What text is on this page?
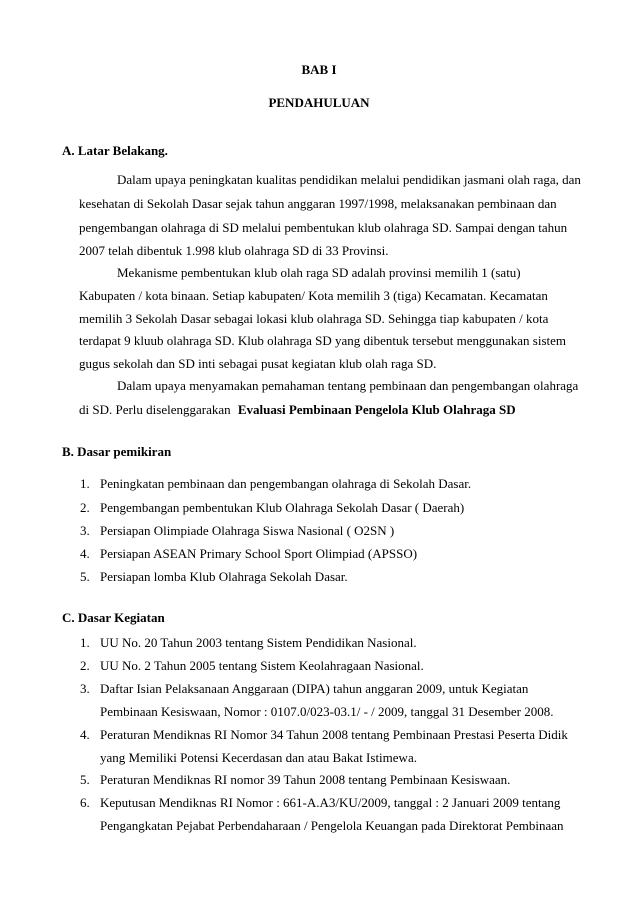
BAB I
PENDAHULUAN
A. Latar Belakang.
Dalam upaya peningkatan kualitas pendidikan melalui pendidikan jasmani olah raga, dan
kesehatan di Sekolah Dasar sejak tahun anggaran 1997/1998, melaksanakan pembinaan dan
pengembangan olahraga di SD melalui pembentukan klub olahraga SD. Sampai dengan tahun
2007 telah dibentuk 1.998 klub olahraga SD di 33 Provinsi.
Mekanisme pembentukan klub olah raga SD adalah provinsi memilih 1 (satu)
Kabupaten / kota binaan. Setiap kabupaten/ Kota memilih 3 (tiga) Kecamatan. Kecamatan
memilih 3 Sekolah Dasar sebagai lokasi klub olahraga SD. Sehingga tiap kabupaten / kota
terdapat 9 kluub olahraga SD. Klub olahraga SD yang dibentuk tersebut menggunakan sistem
gugus sekolah dan SD inti sebagai pusat kegiatan klub olah raga SD.
Dalam upaya menyamakan pemahaman tentang pembinaan dan pengembangan olahraga
di SD. Perlu diselenggarakan Evaluasi Pembinaan Pengelola Klub Olahraga SD
B. Dasar pemikiran
1. Peningkatan pembinaan dan pengembangan olahraga di Sekolah Dasar.
2. Pengembangan pembentukan Klub Olahraga Sekolah Dasar ( Daerah)
3. Persiapan Olimpiade Olahraga Siswa Nasional ( O2SN )
4. Persiapan ASEAN Primary School Sport Olimpiad (APSSO)
5. Persiapan lomba Klub Olahraga Sekolah Dasar.
C. Dasar Kegiatan
1. UU No. 20 Tahun 2003 tentang Sistem Pendidikan Nasional.
2. UU No. 2 Tahun 2005 tentang Sistem Keolahragaan Nasional.
3. Daftar Isian Pelaksanaan Anggaraan (DIPA) tahun anggaran 2009, untuk Kegiatan
Pembinaan Kesiswaan, Nomor : 0107.0/023-03.1/ - / 2009, tanggal 31 Desember 2008.
4. Peraturan Mendiknas RI Nomor 34 Tahun 2008 tentang Pembinaan Prestasi Peserta Didik
yang Memiliki Potensi Kecerdasan dan atau Bakat Istimewa.
5. Peraturan Mendiknas RI nomor 39 Tahun 2008 tentang Pembinaan Kesiswaan.
6. Keputusan Mendiknas RI Nomor : 661-A.A3/KU/2009, tanggal : 2 Januari 2009 tentang
Pengangkatan Pejabat Perbendaharaan / Pengelola Keuangan pada Direktorat Pembinaan
